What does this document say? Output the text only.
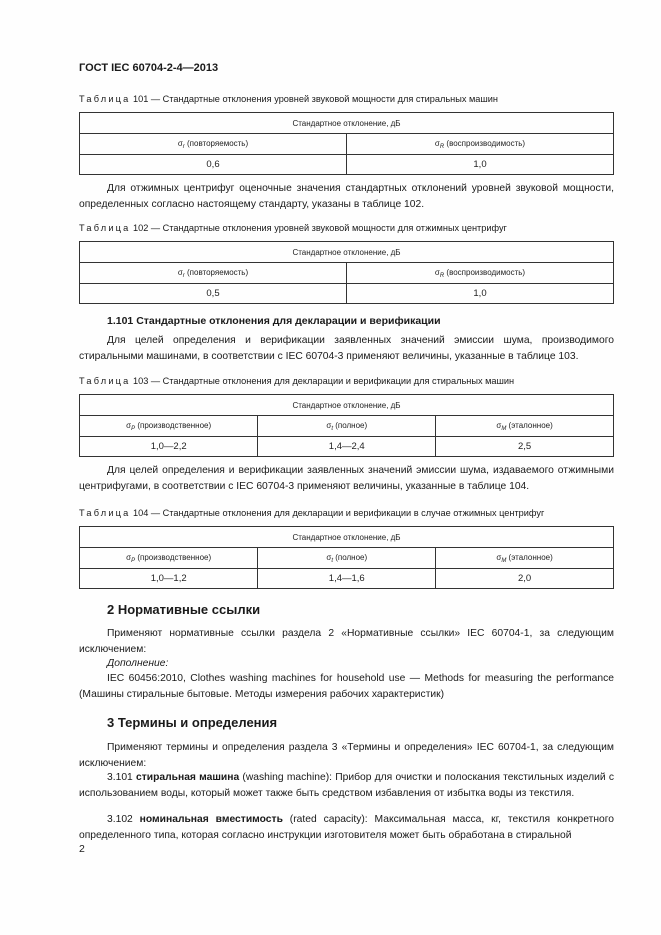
ГОСТ IEC 60704-2-4—2013
Таблица 101 — Стандартные отклонения уровней звуковой мощности для стиральных машин
Стандартное отклонение, дБ	
$\sigma_r$ (повторяемость)	$\sigma_R$ (воспроизводимость)
0,6	1,0
Для отжимных центрифуг оценочные значения стандартных отклонений уровней звуковой мощности, определенных согласно настоящему стандарту, указаны в таблице 102.
Таблица 102 — Стандартные отклонения уровней звуковой мощности для отжимных центрифуг
Стандартное отклонение, дБ	
$\sigma_r$ (повторяемость)	$\sigma_R$ (воспроизводимость)
0,5	1,0
1.101 Стандартные отклонения для декларации и верификации
Для целей определения и верификации заявленных значений эмиссии шума, производимого стиральными машинами, в соответствии с IEC 60704-3 применяют величины, указанные в таблице 103.
Таблица 103 — Стандартные отклонения для декларации и верификации для стиральных машин
Стандартное отклонение, дБ		
$\sigma_P$ (производственное)	$\sigma_t$ (полное)	$\sigma_M$ (эталонное)
1,0—2,2	1,4—2,4	2,5
Для целей определения и верификации заявленных значений эмиссии шума, издаваемого отжимными центрифугами, в соответствии с IEC 60704-3 применяют величины, указанные в таблице 104.
Таблица 104 — Стандартные отклонения для декларации и верификации в случае отжимных центрифуг
Стандартное отклонение, дБ		
$\sigma_P$ (производственное)	$\sigma_t$ (полное)	$\sigma_M$ (эталонное)
1,0—1,2	1,4—1,6	2,0
2 Нормативные ссылки
Применяют нормативные ссылки раздела 2 «Нормативные ссылки» IEC 60704-1, за следующим исключением:
Дополнение:
IEC 60456:2010, Clothes washing machines for household use — Methods for measuring the performance (Машины стиральные бытовые. Методы измерения рабочих характеристик)
3 Термины и определения
Применяют термины и определения раздела 3 «Термины и определения» IEC 60704-1, за следующим исключением:
3.101 стиральная машина (washing machine): Прибор для очистки и полоскания текстильных изделий с использованием воды, который может также быть средством избавления от избытка воды из текстиля.
3.102 номинальная вместимость (rated capacity): Максимальная масса, кг, текстиля конкретного определенного типа, которая согласно инструкции изготовителя может быть обработана в стиральной
2
